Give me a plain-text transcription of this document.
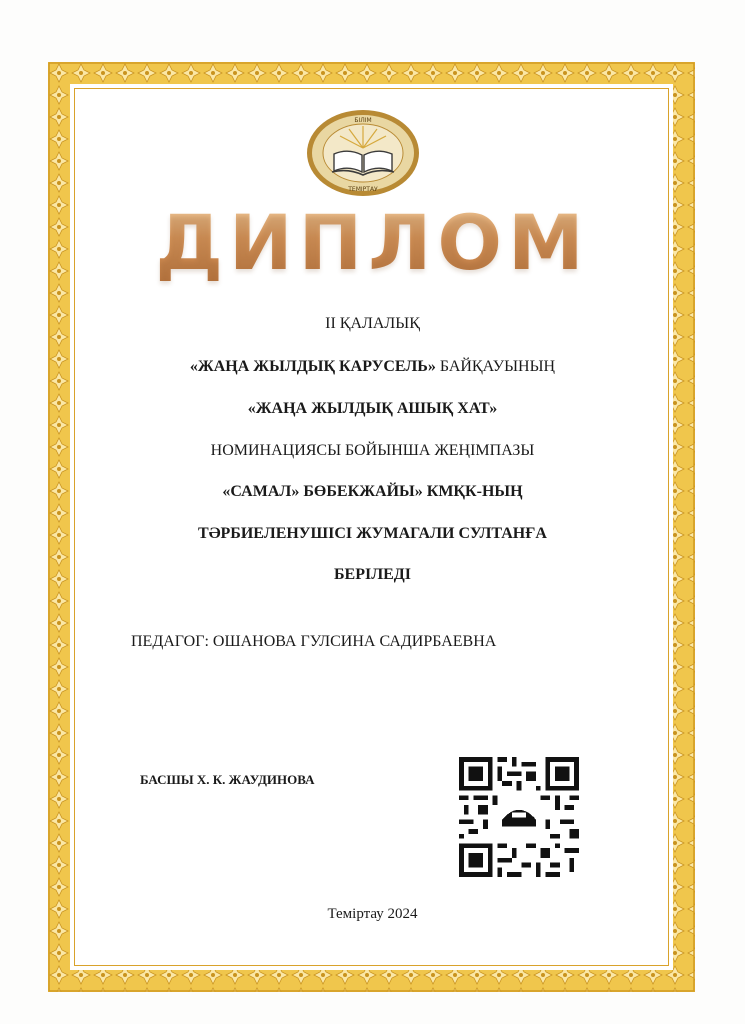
БІЛІМ
ТЕМІРТАУ
ДИПЛОМ
II ҚАЛАЛЫҚ
«ЖАҢА ЖЫЛДЫҚ КАРУСЕЛЬ» БАЙҚАУЫНЫҢ
«ЖАҢА ЖЫЛДЫҚ АШЫҚ ХАТ»
НОМИНАЦИЯСЫ БОЙЫНША ЖЕҢІМПАЗЫ
«САМАЛ» БӨБЕКЖАЙЫ» КМҚК-НЫҢ
ТӘРБИЕЛЕНУШІСІ ЖУМАГАЛИ СУЛТАНҒА
БЕРІЛЕДІ
ПЕДАГОГ: ОШАНОВА ГУЛСИНА САДИРБАЕВНА
БАСШЫ Х. К. ЖАУДИНОВА
Теміртау 2024
